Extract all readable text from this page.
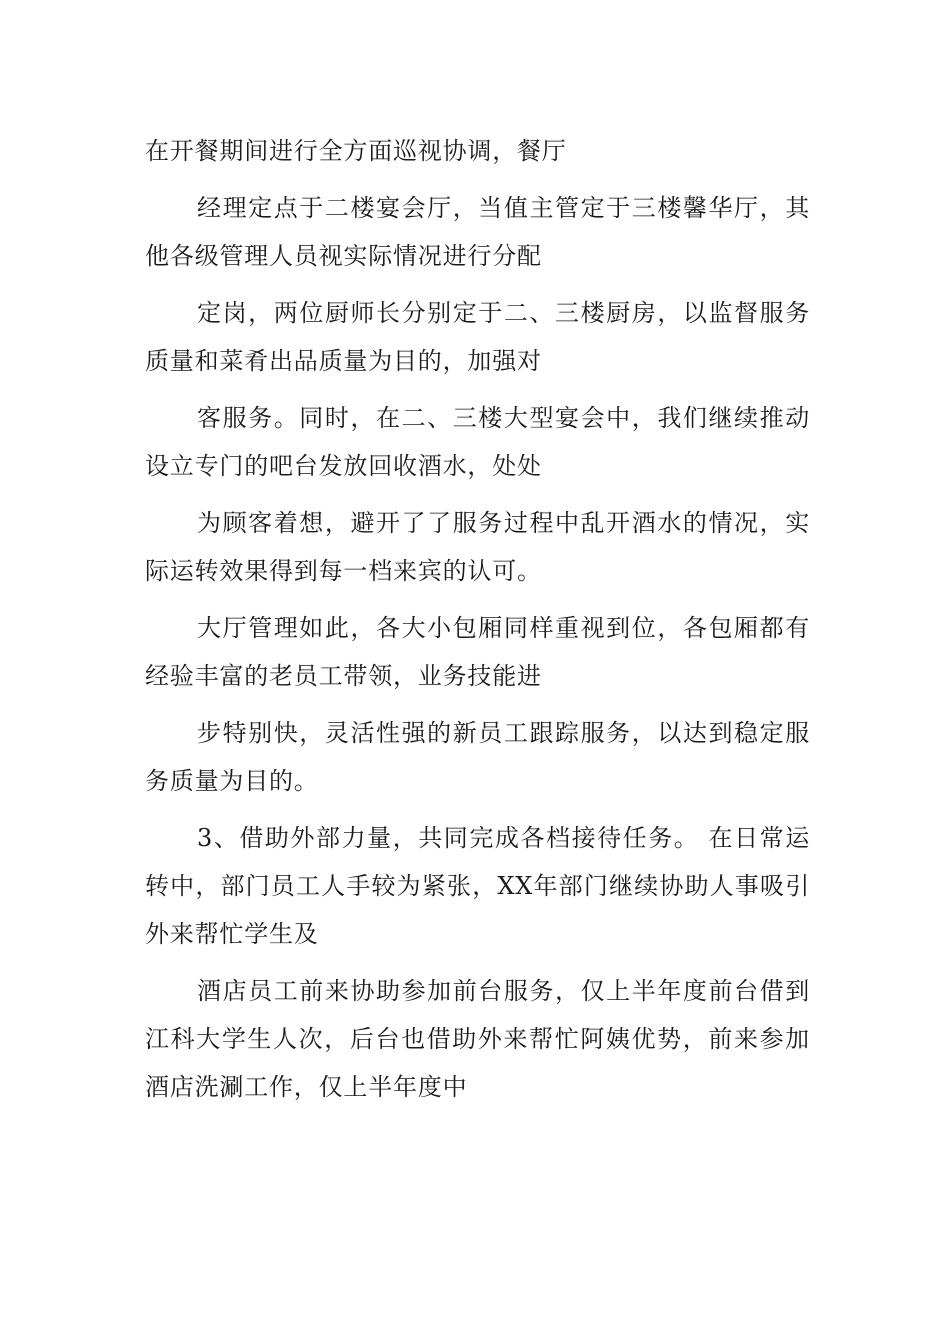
在开餐期间进行全方面巡视协调，餐厅

经理定点于二楼宴会厅，当值主管定于三楼馨华厅，其他各级管理人员视实际情况进行分配

定岗，两位厨师长分别定于二、三楼厨房，以监督服务质量和菜肴出品质量为目的，加强对

客服务。同时，在二、三楼大型宴会中，我们继续推动设立专门的吧台发放回收酒水，处处

为顾客着想，避开了了服务过程中乱开酒水的情况，实际运转效果得到每一档来宾的认可。

大厅管理如此，各大小包厢同样重视到位，各包厢都有经验丰富的老员工带领，业务技能进

步特别快，灵活性强的新员工跟踪服务，以达到稳定服务质量为目的。

3、借助外部力量，共同完成各档接待任务。 在日常运转中，部门员工人手较为紧张，XX年部门继续协助人事吸引外来帮忙学生及

酒店员工前来协助参加前台服务，仅上半年度前台借到江科大学生人次，后台也借助外来帮忙阿姨优势，前来参加酒店洗涮工作，仅上半年度中
